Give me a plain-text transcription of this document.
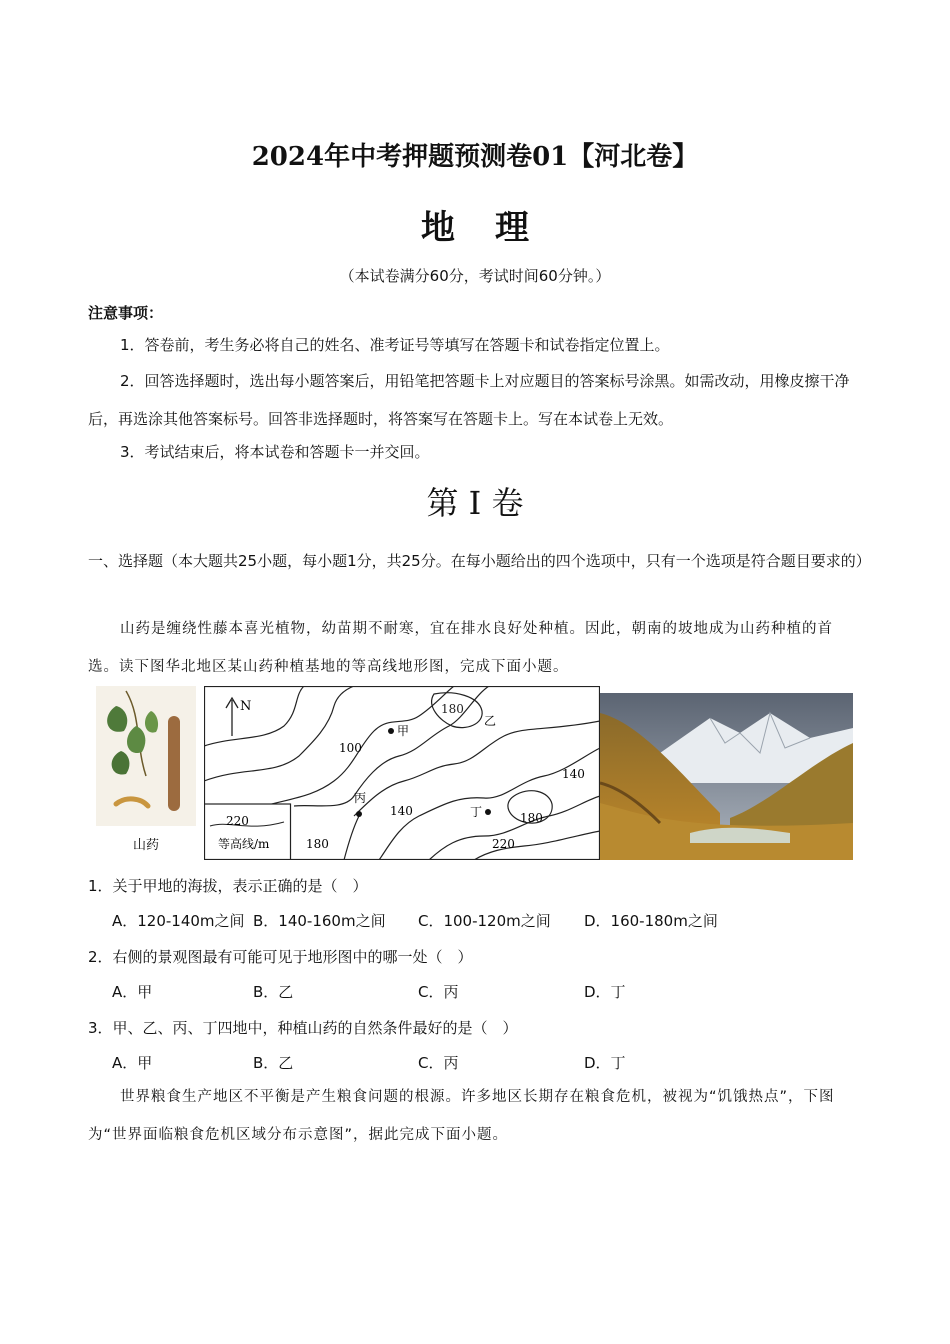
2024年中考押题预测卷01【河北卷】
地理
（本试卷满分60分，考试时间60分钟。）
注意事项：
1．答卷前，考生务必将自己的姓名、准考证号等填写在答题卡和试卷指定位置上。
2．回答选择题时，选出每小题答案后，用铅笔把答题卡上对应题目的答案标号涂黑。如需改动，用橡皮擦干净后，再选涂其他答案标号。回答非选择题时，将答案写在答题卡上。写在本试卷上无效。
3．考试结束后，将本试卷和答题卡一并交回。
第 I 卷
一、选择题（本大题共25小题，每小题1分，共25分。在每小题给出的四个选项中，只有一个选项是符合题目要求的）
山药是缠绕性藤本喜光植物，幼苗期不耐寒，宜在排水良好处种植。因此，朝南的坡地成为山药种植的首选。读下图华北地区某山药种植基地的等高线地形图，完成下面小题。
山药
220
等高线/m
N	180
100
140
140	180
220
180
甲
乙
丙
丁
1．关于甲地的海拔，表示正确的是（　）
A．120-140m之间 B．140-160m之间 C．100-120m之间 D．160-180m之间
2．右侧的景观图最有可能可见于地形图中的哪一处（　）
A．甲	B．乙	C．丙	D．丁
3．甲、乙、丙、丁四地中，种植山药的自然条件最好的是（　）
A．甲	B．乙	C．丙	D．丁
世界粮食生产地区不平衡是产生粮食问题的根源。许多地区长期存在粮食危机，被视为“饥饿热点”，下图为“世界面临粮食危机区域分布示意图”，据此完成下面小题。
